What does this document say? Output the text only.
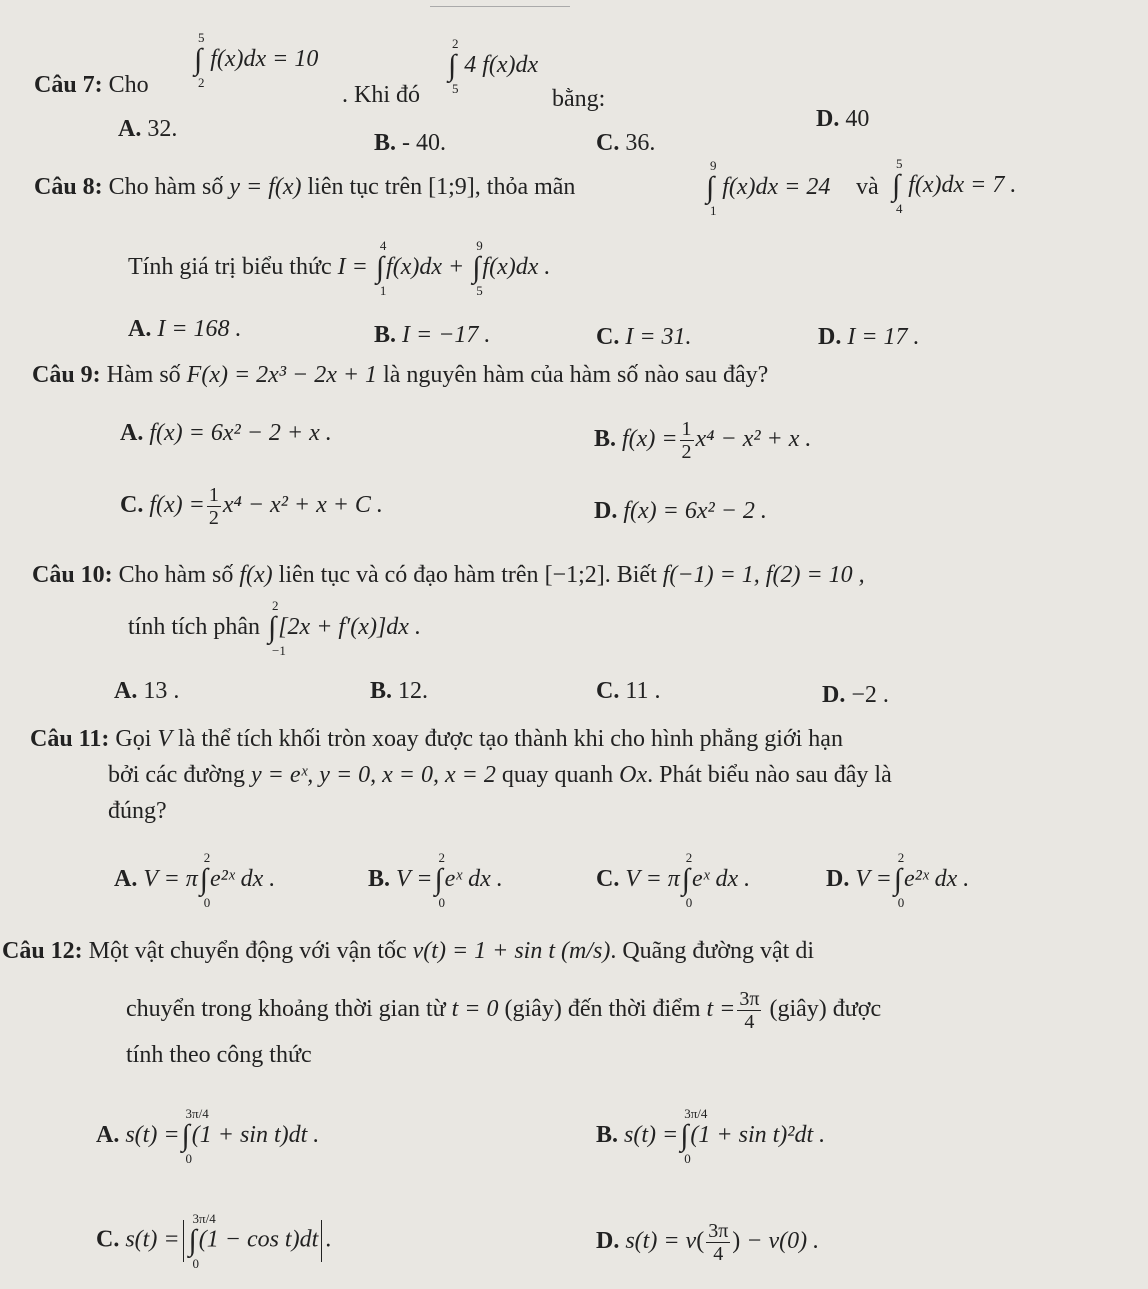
Câu 7: Cho
∫
5
2
f(x)dx = 10
. Khi đó
∫
2
5
4 f(x)dx
bằng:
A. 32.
B. - 40.	C. 36.
D. 40
Câu 8: Cho hàm số y = f(x) liên tục trên [1;9], thỏa mãn	∫
9
1
f(x)dx = 24 và ∫
5
4
f(x)dx = 7 .
Tính giá trị biểu thức I = ∫
4
1
f(x)dx + ∫
9
5
f(x)dx .
A. I = 168 .	B. I = −17 .	C. I = 31.	D. I = 17 .
Câu 9: Hàm số F(x) = 2x³ − 2x + 1 là nguyên hàm của hàm số nào sau đây?
A. f(x) = 6x² − 2 + x .	B. $f(x) = \frac{1}{2} x^4 - x^2 + x$ .
C. $f(x) = \frac{1}{2} x^4 - x^2 + x + C$ .	D. f(x) = 6x² − 2 .
Câu 10: Cho hàm số f(x) liên tục và có đạo hàm trên [−1;2]. Biết f(−1) = 1, f(2) = 10 ,
tính tích phân ∫
2
−1
[2x + f′(x)]dx .
A. 13 .	B. 12.	C. 11 .	D. −2 .
Câu 11: Gọi V là thể tích khối tròn xoay được tạo thành khi cho hình phẳng giới hạn
bởi các đường y = eˣ, y = 0, x = 0, x = 2 quay quanh Ox. Phát biểu nào sau đây là
đúng?
A. V = π∫
2
0
e²ˣ dx .	B. V =∫
2
0
eˣ dx .	C. V = π∫
2
0
eˣ dx .	D. V =∫
2
0
e²ˣ dx .
Câu 12: Một vật chuyển động với vận tốc v(t) = 1 + sin t (m/s). Quãng đường vật di
chuyển trong khoảng thời gian từ t = 0 (giây) đến thời điểm $t = \frac{3\pi}{4}$ (giây) được
tính theo công thức
A. s(t) =∫
3π/4
0
(1 + sin t)dt .	B. s(t) =∫
3π/4
0
(1 + sin t)²dt .
C. s(t) = ∫
3π/4
0
(1 − cos t)dt .	D. $s(t) = v( \frac{3\pi}{4}$ ) − v(0) .
